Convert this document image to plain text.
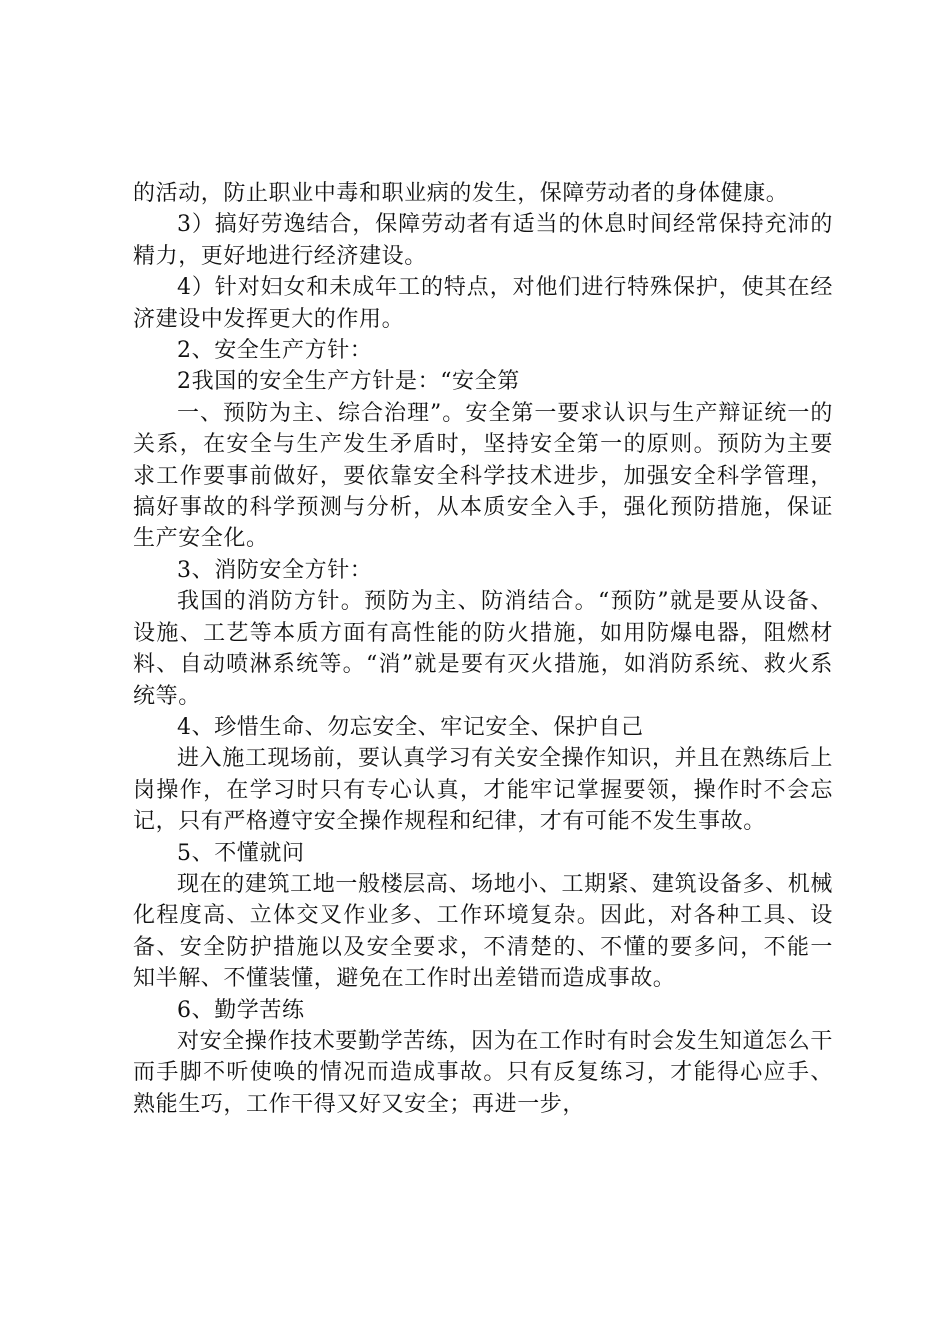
的活动，防止职业中毒和职业病的发生，保障劳动者的身体健康。

3）搞好劳逸结合，保障劳动者有适当的休息时间经常保持充沛的精力，更好地进行经济建设。

4）针对妇女和未成年工的特点，对他们进行特殊保护，使其在经济建设中发挥更大的作用。

2、安全生产方针：

2我国的安全生产方针是：“安全第

一、预防为主、综合治理”。安全第一要求认识与生产辩证统一的关系，在安全与生产发生矛盾时，坚持安全第一的原则。预防为主要求工作要事前做好，要依靠安全科学技术进步，加强安全科学管理，搞好事故的科学预测与分析，从本质安全入手，强化预防措施，保证生产安全化。

3、消防安全方针：

我国的消防方针。预防为主、防消结合。“预防”就是要从设备、设施、工艺等本质方面有高性能的防火措施，如用防爆电器，阻燃材料、自动喷淋系统等。“消”就是要有灭火措施，如消防系统、救火系统等。

4、珍惜生命、勿忘安全、牢记安全、保护自己

进入施工现场前，要认真学习有关安全操作知识，并且在熟练后上岗操作，在学习时只有专心认真，才能牢记掌握要领，操作时不会忘记，只有严格遵守安全操作规程和纪律，才有可能不发生事故。

5、不懂就问

现在的建筑工地一般楼层高、场地小、工期紧、建筑设备多、机械化程度高、立体交叉作业多、工作环境复杂。因此，对各种工具、设备、安全防护措施以及安全要求，不清楚的、不懂的要多问，不能一知半解、不懂装懂，避免在工作时出差错而造成事故。

6、勤学苦练

对安全操作技术要勤学苦练，因为在工作时有时会发生知道怎么干而手脚不听使唤的情况而造成事故。只有反复练习，才能得心应手、熟能生巧，工作干得又好又安全；再进一步，
